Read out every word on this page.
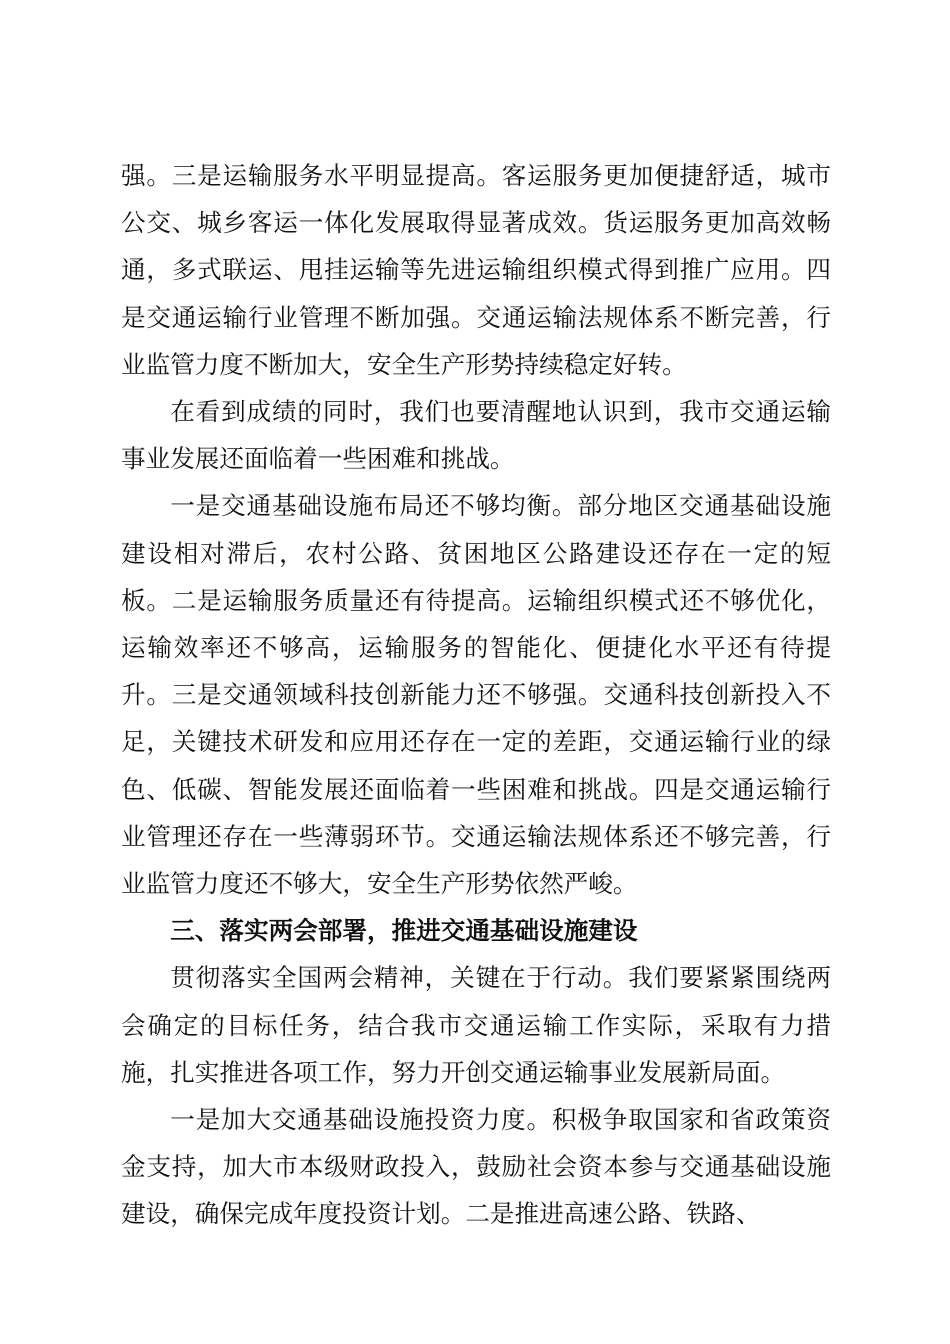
强。三是运输服务水平明显提高。客运服务更加便捷舒适，城市公交、城乡客运一体化发展取得显著成效。货运服务更加高效畅通，多式联运、甩挂运输等先进运输组织模式得到推广应用。四是交通运输行业管理不断加强。交通运输法规体系不断完善，行业监管力度不断加大，安全生产形势持续稳定好转。

在看到成绩的同时，我们也要清醒地认识到，我市交通运输事业发展还面临着一些困难和挑战。

一是交通基础设施布局还不够均衡。部分地区交通基础设施建设相对滞后，农村公路、贫困地区公路建设还存在一定的短板。二是运输服务质量还有待提高。运输组织模式还不够优化，运输效率还不够高，运输服务的智能化、便捷化水平还有待提升。三是交通领域科技创新能力还不够强。交通科技创新投入不足，关键技术研发和应用还存在一定的差距，交通运输行业的绿色、低碳、智能发展还面临着一些困难和挑战。四是交通运输行业管理还存在一些薄弱环节。交通运输法规体系还不够完善，行业监管力度还不够大，安全生产形势依然严峻。

三、落实两会部署，推进交通基础设施建设

贯彻落实全国两会精神，关键在于行动。我们要紧紧围绕两会确定的目标任务，结合我市交通运输工作实际，采取有力措施，扎实推进各项工作，努力开创交通运输事业发展新局面。

一是加大交通基础设施投资力度。积极争取国家和省政策资金支持，加大市本级财政投入，鼓励社会资本参与交通基础设施建设，确保完成年度投资计划。二是推进高速公路、铁路、
